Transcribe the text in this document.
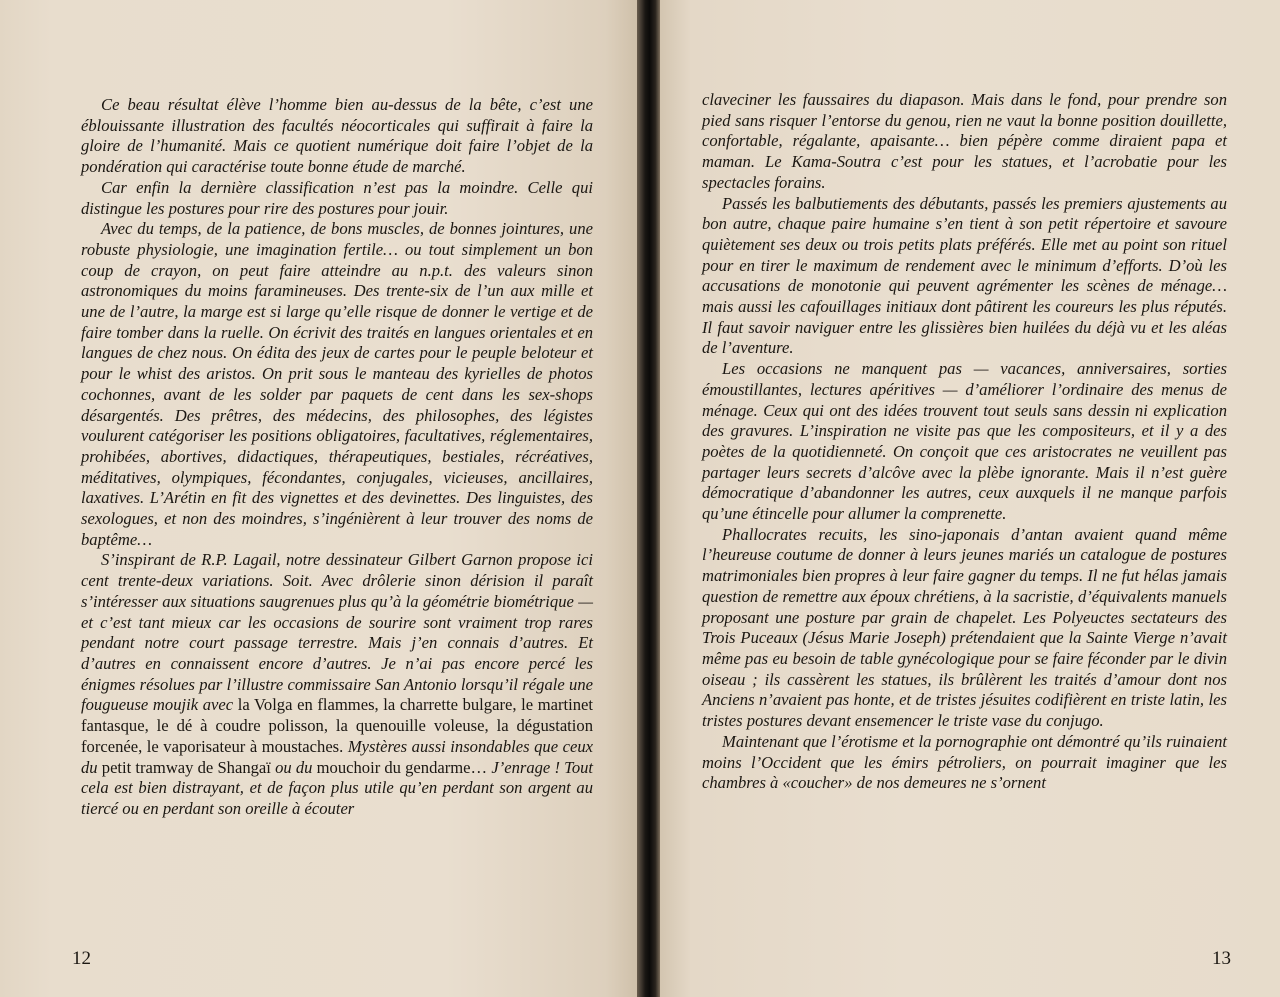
Ce beau résultat élève l’homme bien au-dessus de la bête, c’est une éblouissante illustration des facultés néocorticales qui suffirait à faire la gloire de l’humanité. Mais ce quotient numérique doit faire l’objet de la pondération qui caractérise toute bonne étude de marché.

Car enfin la dernière classification n’est pas la moindre. Celle qui distingue les postures pour rire des postures pour jouir.

Avec du temps, de la patience, de bons muscles, de bonnes jointures, une robuste physiologie, une imagination fertile… ou tout simplement un bon coup de crayon, on peut faire atteindre au n.p.t. des valeurs sinon astronomiques du moins faramineuses. Des trente-six de l’un aux mille et une de l’autre, la marge est si large qu’elle risque de donner le vertige et de faire tomber dans la ruelle. On écrivit des traités en langues orientales et en langues de chez nous. On édita des jeux de cartes pour le peuple beloteur et pour le whist des aristos. On prit sous le manteau des kyrielles de photos cochonnes, avant de les solder par paquets de cent dans les sex-shops désargentés. Des prêtres, des médecins, des philosophes, des légistes voulurent catégoriser les positions obligatoires, facultatives, réglementaires, prohibées, abortives, didactiques, thérapeutiques, bestiales, récréatives, méditatives, olympiques, fécondantes, conjugales, vicieuses, ancillaires, laxatives. L’Arétin en fit des vignettes et des devinettes. Des linguistes, des sexologues, et non des moindres, s’ingénièrent à leur trouver des noms de baptême…

S’inspirant de R.P. Lagail, notre dessinateur Gilbert Garnon propose ici cent trente-deux variations. Soit. Avec drôlerie sinon dérision il paraît s’intéresser aux situations saugrenues plus qu’à la géométrie biométrique — et c’est tant mieux car les occasions de sourire sont vraiment trop rares pendant notre court passage terrestre. Mais j’en connais d’autres. Et d’autres en connaissent encore d’autres. Je n’ai pas encore percé les énigmes résolues par l’illustre commissaire San Antonio lorsqu’il régale une fougueuse moujik avec la Volga en flammes, la charrette bulgare, le martinet fantasque, le dé à coudre polisson, la quenouille voleuse, la dégustation forcenée, le vaporisateur à moustaches. Mystères aussi insondables que ceux du petit tramway de Shangaï ou du mouchoir du gendarme… J’enrage ! Tout cela est bien distrayant, et de façon plus utile qu’en perdant son argent au tiercé ou en perdant son oreille à écouter

12

claveciner les faussaires du diapason. Mais dans le fond, pour prendre son pied sans risquer l’entorse du genou, rien ne vaut la bonne position douillette, confortable, régalante, apaisante… bien pépère comme diraient papa et maman. Le Kama-Soutra c’est pour les statues, et l’acrobatie pour les spectacles forains.

Passés les balbutiements des débutants, passés les premiers ajustements au bon autre, chaque paire humaine s’en tient à son petit répertoire et savoure quiètement ses deux ou trois petits plats préférés. Elle met au point son rituel pour en tirer le maximum de rendement avec le minimum d’efforts. D’où les accusations de monotonie qui peuvent agrémenter les scènes de ménage… mais aussi les cafouillages initiaux dont pâtirent les coureurs les plus réputés. Il faut savoir naviguer entre les glissières bien huilées du déjà vu et les aléas de l’aventure.

Les occasions ne manquent pas — vacances, anniversaires, sorties émoustillantes, lectures apéritives — d’améliorer l’ordinaire des menus de ménage. Ceux qui ont des idées trouvent tout seuls sans dessin ni explication des gravures. L’inspiration ne visite pas que les compositeurs, et il y a des poètes de la quotidienneté. On conçoit que ces aristocrates ne veuillent pas partager leurs secrets d’alcôve avec la plèbe ignorante. Mais il n’est guère démocratique d’abandonner les autres, ceux auxquels il ne manque parfois qu’une étincelle pour allumer la comprenette.

Phallocrates recuits, les sino-japonais d’antan avaient quand même l’heureuse coutume de donner à leurs jeunes mariés un catalogue de postures matrimoniales bien propres à leur faire gagner du temps. Il ne fut hélas jamais question de remettre aux époux chrétiens, à la sacristie, d’équivalents manuels proposant une posture par grain de chapelet. Les Polyeuctes sectateurs des Trois Puceaux (Jésus Marie Joseph) prétendaient que la Sainte Vierge n’avait même pas eu besoin de table gynécologique pour se faire féconder par le divin oiseau ; ils cassèrent les statues, ils brûlèrent les traités d’amour dont nos Anciens n’avaient pas honte, et de tristes jésuites codifièrent en triste latin, les tristes postures devant ensemencer le triste vase du conjugo.

Maintenant que l’érotisme et la pornographie ont démontré qu’ils ruinaient moins l’Occident que les émirs pétroliers, on pourrait imaginer que les chambres à «coucher» de nos demeures ne s’ornent

13
